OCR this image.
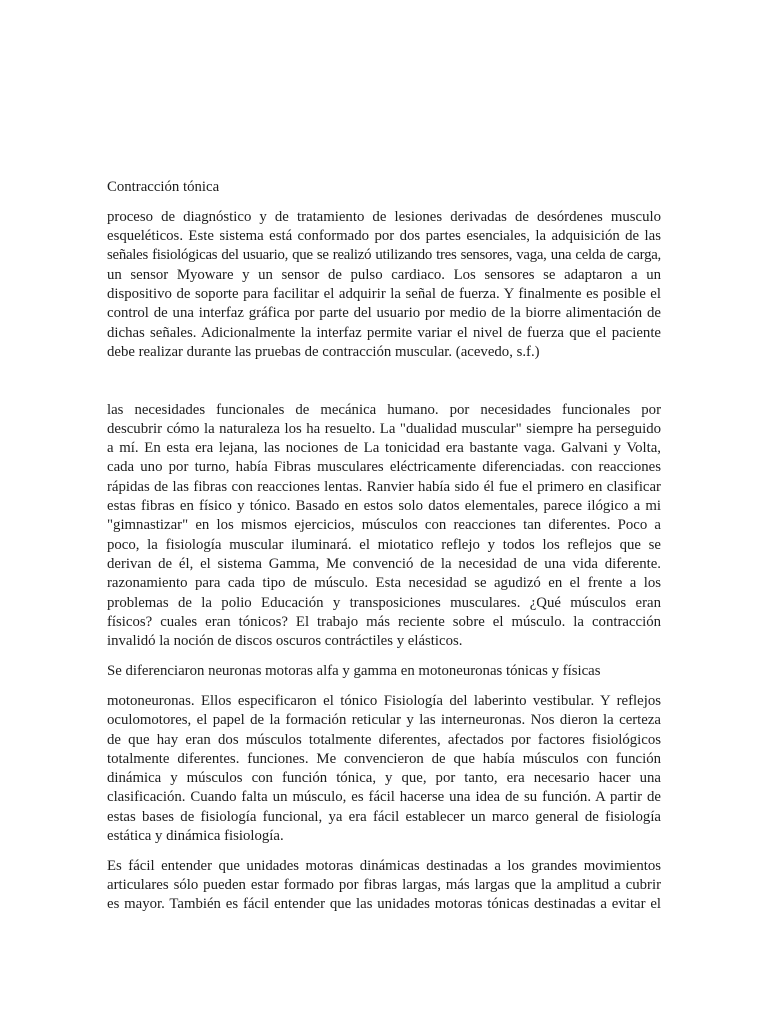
Contracción tónica
proceso de diagnóstico y de tratamiento de lesiones derivadas de desórdenes musculo
esqueléticos. Este sistema está conformado por dos partes esenciales, la adquisición de las
señales fisiológicas del usuario, que se realizó utilizando tres sensores, vaga, una celda de carga,
un sensor Myoware y un sensor de pulso cardiaco. Los sensores se adaptaron a un
dispositivo de soporte para facilitar el adquirir la señal de fuerza. Y finalmente es posible el
control de una interfaz gráfica por parte del usuario por medio de la biorre alimentación de
dichas señales. Adicionalmente la interfaz permite variar el nivel de fuerza que el paciente
debe realizar durante las pruebas de contracción muscular. (acevedo, s.f.)
las necesidades funcionales de mecánica humano. por necesidades funcionales por
descubrir cómo la naturaleza los ha resuelto. La "dualidad muscular" siempre ha perseguido
a mí. En esta era lejana, las nociones de La tonicidad era bastante vaga. Galvani y Volta,
cada uno por turno, había Fibras musculares eléctricamente diferenciadas. con reacciones
rápidas de las fibras con reacciones lentas. Ranvier había sido él fue el primero en clasificar
estas fibras en físico y tónico. Basado en estos solo datos elementales, parece ilógico a mi
"gimnastizar" en los mismos ejercicios, músculos con reacciones tan diferentes. Poco a
poco, la fisiología muscular iluminará. el miotatico reflejo y todos los reflejos que se
derivan de él, el sistema Gamma, Me convenció de la necesidad de una vida diferente.
razonamiento para cada tipo de músculo. Esta necesidad se agudizó en el frente a los
problemas de la polio Educación y transposiciones musculares. ¿Qué músculos eran
físicos? cuales eran tónicos? El trabajo más reciente sobre el músculo. la contracción
invalidó la noción de discos oscuros contráctiles y elásticos.
Se diferenciaron neuronas motoras alfa y gamma en motoneuronas tónicas y físicas
motoneuronas. Ellos especificaron el tónico Fisiología del laberinto vestibular. Y reflejos
oculomotores, el papel de la formación reticular y las interneuronas. Nos dieron la certeza
de que hay eran dos músculos totalmente diferentes, afectados por factores fisiológicos
totalmente diferentes. funciones. Me convencieron de que había músculos con función
dinámica y músculos con función tónica, y que, por tanto, era necesario hacer una
clasificación. Cuando falta un músculo, es fácil hacerse una idea de su función. A partir de
estas bases de fisiología funcional, ya era fácil establecer un marco general de fisiología
estática y dinámica fisiología.
Es fácil entender que unidades motoras dinámicas destinadas a los grandes movimientos
articulares sólo pueden estar formado por fibras largas, más largas que la amplitud a cubrir
es mayor. También es fácil entender que las unidades motoras tónicas destinadas a evitar el
